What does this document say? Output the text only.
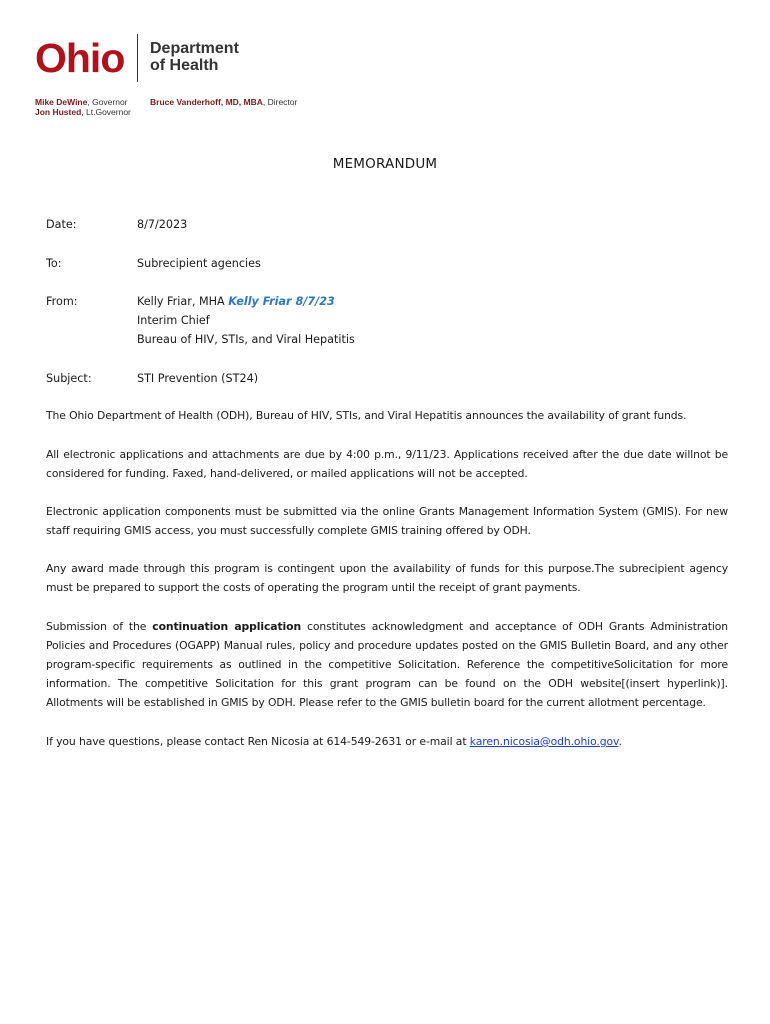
Ohio Department
of Health
Mike DeWine, Governor
Jon Husted, Lt.Governor
Bruce Vanderhoff, MD, MBA, Director
MEMORANDUM
Date:	8/7/2023
To:	Subrecipient agencies
From:	Kelly Friar, MHA Kelly Friar 8/7/23
Interim Chief
Bureau of HIV, STIs, and Viral Hepatitis
Subject:	STI Prevention (ST24)
The Ohio Department of Health (ODH), Bureau of HIV, STIs, and Viral Hepatitis announces the availability of grant funds.
All electronic applications and attachments are due by 4:00 p.m., 9/11/23. Applications received after the due date willnot be considered for funding. Faxed, hand-delivered, or mailed applications will not be accepted.
Electronic application components must be submitted via the online Grants Management Information System (GMIS). For new staff requiring GMIS access, you must successfully complete GMIS training offered by ODH.
Any award made through this program is contingent upon the availability of funds for this purpose.The subrecipient agency must be prepared to support the costs of operating the program until the receipt of grant payments.
Submission of the continuation application constitutes acknowledgment and acceptance of ODH Grants Administration Policies and Procedures (OGAPP) Manual rules, policy and procedure updates posted on the GMIS Bulletin Board, and any other program-specific requirements as outlined in the competitive Solicitation. Reference the competitiveSolicitation for more information. The competitive Solicitation for this grant program can be found on the ODH website[(insert hyperlink)]. Allotments will be established in GMIS by ODH. Please refer to the GMIS bulletin board for the current allotment percentage.
If you have questions, please contact Ren Nicosia at 614-549-2631 or e-mail at karen.nicosia@odh.ohio.gov.
